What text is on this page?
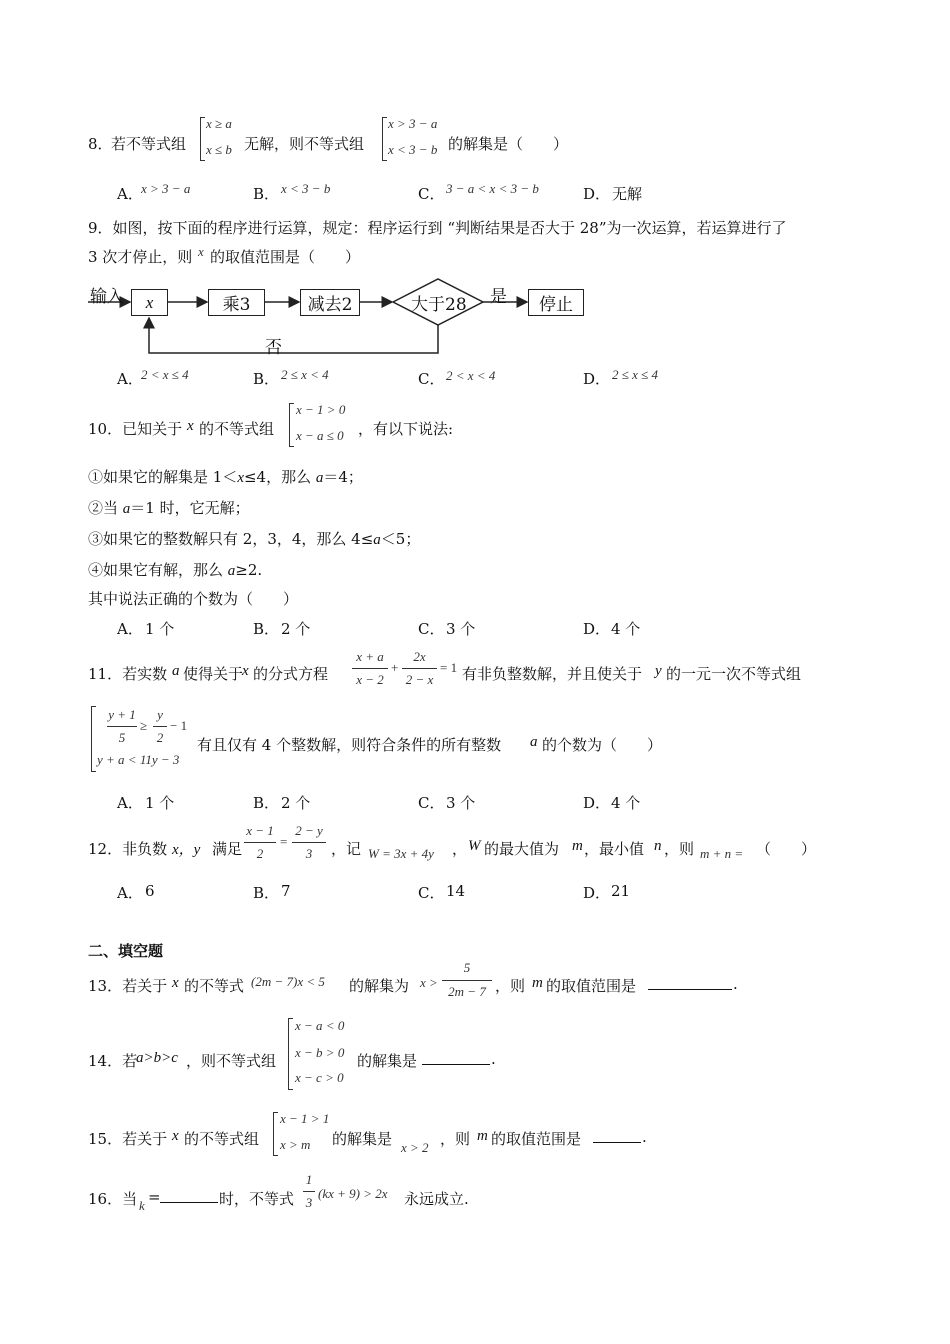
8．
若不等式组
x ≥ a
x ≤ b 无解，则不等式组
x > 3 − a
x < 3 − b 的解集是（　　）
A．
x > 3 − a	B． x < 3 − b	C． 3 − a < x < 3 − b	D． 无解
9．如图，按下面的程序进行运算，规定：程序运行到 “判断结果是否大于 28”为一次运算，若运算进行了
3 次才停止，则 x 的取值范围是（　　）
输入 x	乘3	减去2	大于28 是	停止
否
A．
2 < x ≤ 4	B． 2 ≤ x < 4	C． 2 < x < 4	D． 2 ≤ x ≤ 4
10．已知关于 x 的不等式组
x − 1 > 0
x − a ≤ 0 ，有以下说法:
①如果它的解集是 1＜x≤4，那么 a＝4；
②当 a＝1 时，它无解；
③如果它的整数解只有 2，3，4，那么 4≤a＜5；
④如果它有解，那么 a≥2.
其中说法正确的个数为（　　）
A． 1 个	B． 2 个	C． 3 个	D． 4 个
11．若实数 a 使得关于
x 的分式方程
x + a
x − 2
+
2x
2 − x
= 1 有非负整数解，并且使关于 y 的一元一次不等式组
y + 1
5
≥
y
2
− 1
y + a < 11y − 3
有且仅有 4 个整数解，则符合条件的所有整数 a 的个数为（　　）
A． 1 个	B． 2 个	C． 3 个	D． 4 个
12．非负数 x，y 满足
x − 1
2
=
2 − y
3	，记 W = 3x + 4y ， W 的最大值为 m ，最小值 n ，则 m + n = （　　）
A． 6	B． 7	C． 14	D． 21
二、填空题
13．若关于 x 的不等式 (2m − 7)x < 5 的解集为 x >
5
2m − 7 ，则 m 的取值范围是	.
14．若
a>b>c ，则不等式组
x − a < 0
x − b > 0
x − c > 0
的解集是	.
15．若关于 x 的不等式组
x − 1 > 1
x > m 的解集是 x > 2 ，则 m 的取值范围是	.
16．当 k =	时，不等式
1
3
(kx + 9) > 2x 永远成立.
